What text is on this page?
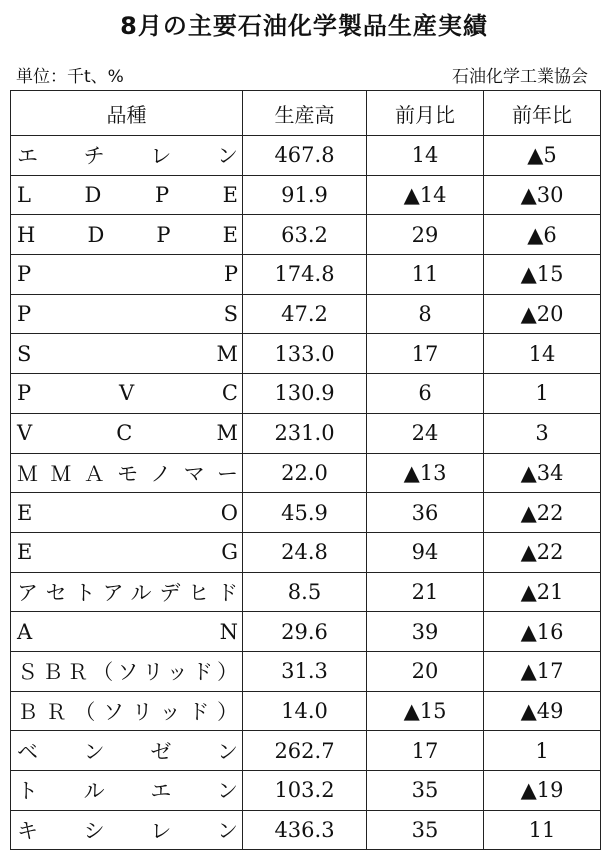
8月の主要石油化学製品生産実績
単位：千t、%	石油化学工業協会
品種	生産高	前月比	前年比
エ　チ　レ　ン	467.8	14	▲5
L D P E	91.9	▲14	▲30
H D P E	63.2	29	▲6
P P	174.8	11	▲15
P S	47.2	8	▲20
S M	133.0	17	14
P V C	130.9	6	1
V C M	231.0	24	3
ＭＭＡモノマー	22.0	▲13	▲34
E O	45.9	36	▲22
E G	24.8	94	▲22
アセトアルデヒド	8.5	21	▲21
A N	29.6	39	▲16
ＳＢＲ（ソリッド）	31.3	20	▲17
ＢＲ（ソリッド）	14.0	▲15	▲49
ベ　ン　ゼ　ン	262.7	17	1
ト　ル　エ　ン	103.2	35	▲19
キ　シ　レ　ン	436.3	35	11
